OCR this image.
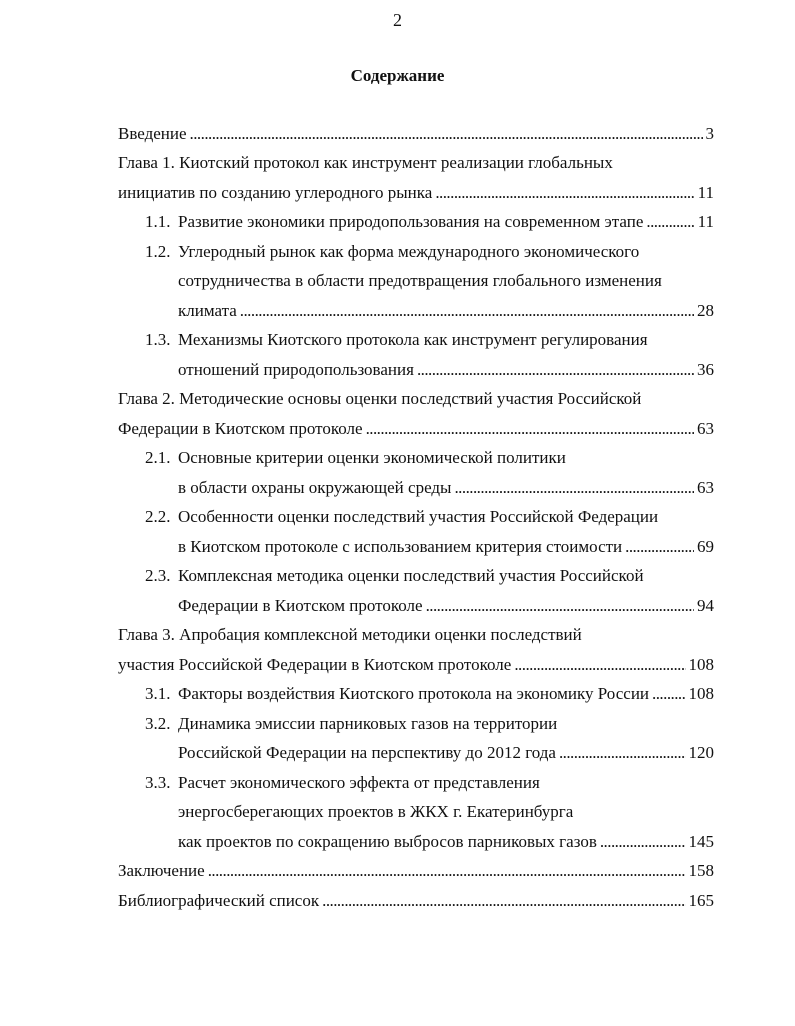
2
Содержание
Введение . . .	3
Глава 1. Киотский протокол как инструмент реализации глобальных
инициатив по созданию углеродного рынка . . .	11
1.1. Развитие экономики природопользования на современном этапе . . .	11
1.2. Углеродный рынок как форма международного экономического
сотрудничества в области предотвращения глобального изменения
климата . . .	28
1.3. Механизмы Киотского протокола как инструмент регулирования
отношений природопользования . . .	36
Глава 2. Методические основы оценки последствий участия Российской
Федерации в Киотском протоколе . . .	63
2.1. Основные критерии оценки экономической политики
в области охраны окружающей среды . . .	63
2.2. Особенности оценки последствий участия Российской Федерации
в Киотском протоколе с использованием критерия стоимости . . .	69
2.3. Комплексная методика оценки последствий участия Российской
Федерации в Киотском протоколе . . .	94
Глава 3. Апробация комплексной методики оценки последствий
участия Российской Федерации в Киотском протоколе . . .	108
3.1. Факторы воздействия Киотского протокола на экономику России . . . 108
3.2. Динамика эмиссии парниковых газов на территории
Российской Федерации на перспективу до 2012 года . . .	120
3.3. Расчет экономического эффекта от представления
энергосберегающих проектов в ЖКХ г. Екатеринбурга
как проектов по сокращению выбросов парниковых газов . . .	145
Заключение . . .	158
Библиографический список . . .	165
